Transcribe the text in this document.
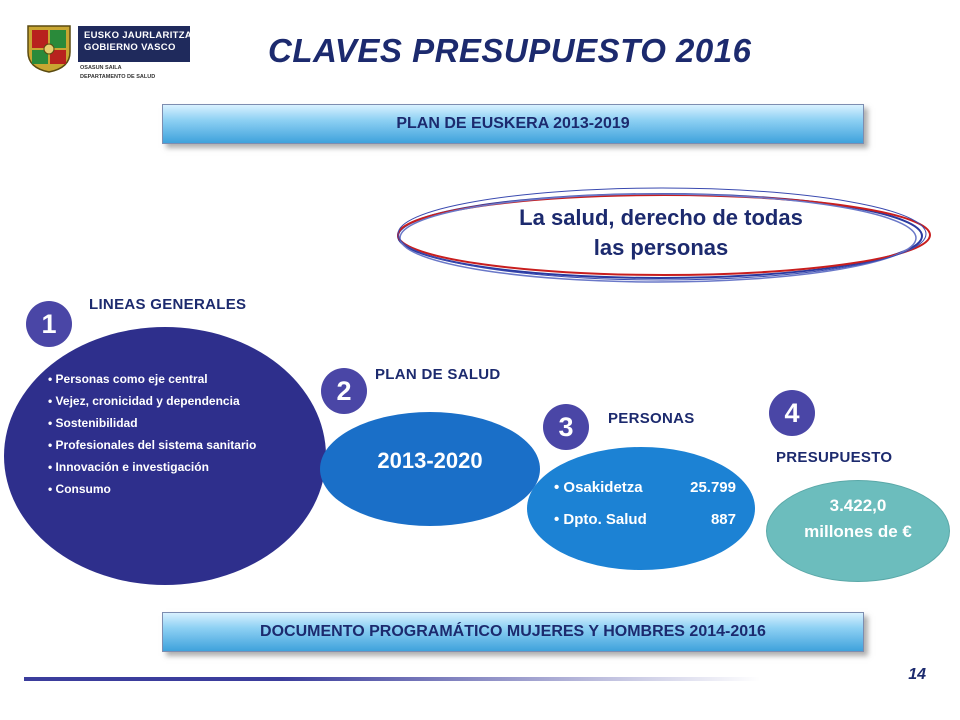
EUSKO JAURLARITZA
GOBIERNO VASCO
OSASUN SAILA
DEPARTAMENTO DE SALUD
CLAVES PRESUPUESTO 2016
PLAN DE EUSKERA 2013-2019
La salud, derecho de todas
las personas
1
LINEAS GENERALES
• Personas como eje central
• Vejez, cronicidad y dependencia
• Sostenibilidad
• Profesionales del sistema sanitario
• Innovación e investigación
• Consumo
2
PLAN DE SALUD
2013-2020
3	PERSONAS
• Osakidetza	25.799
• Dpto. Salud	887
4
PRESUPUESTO
3.422,0
millones de €
DOCUMENTO PROGRAMÁTICO MUJERES Y HOMBRES 2014-2016
14
